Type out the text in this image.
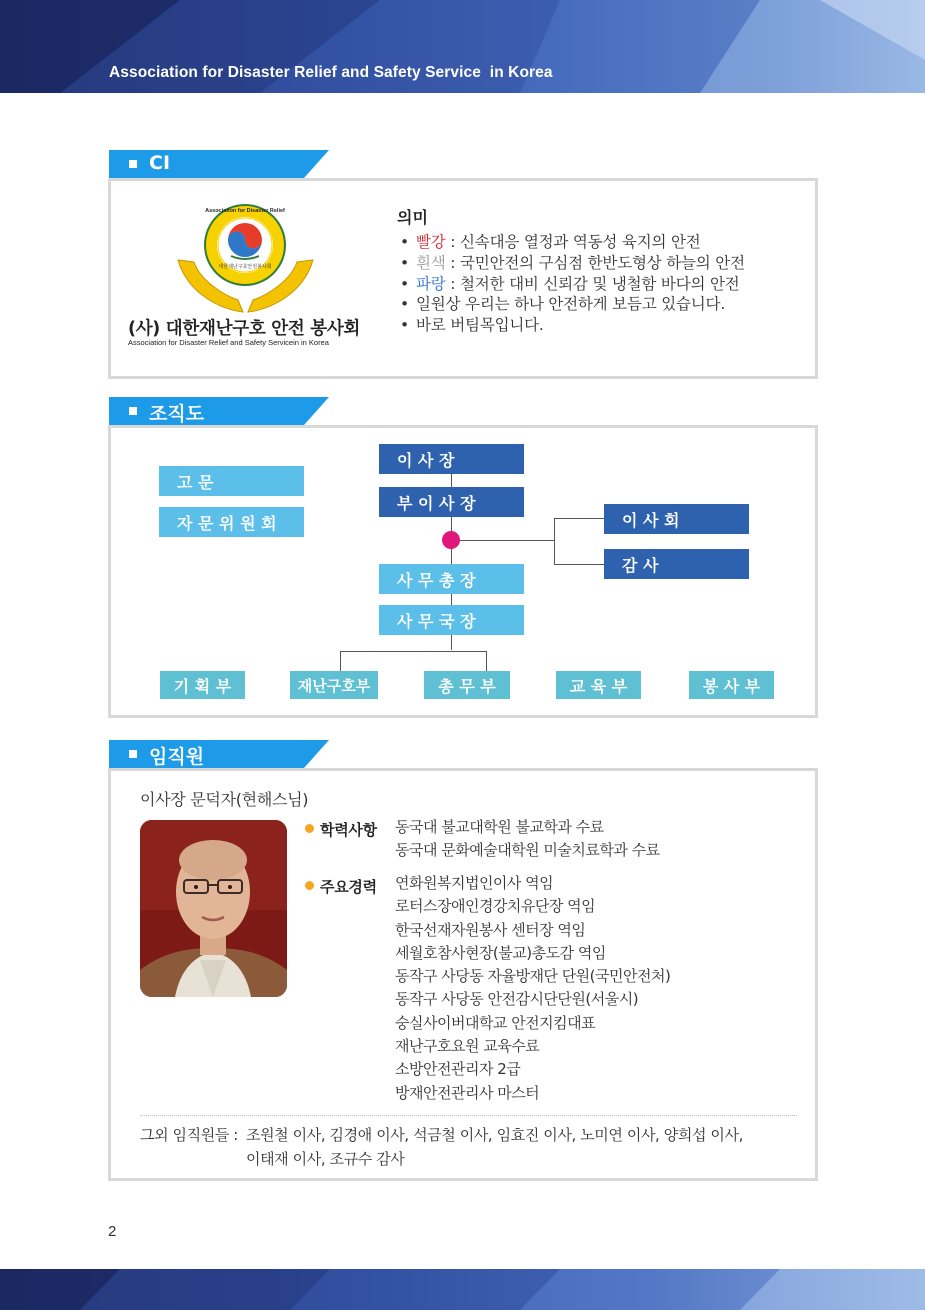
Association for Disaster Relief and Safety Service  in Korea
CI
대한재난구호안전봉사회
Association for Disaster Relief
(사) 대한재난구호 안전 봉사회
Association for Disaster Relief and Safety Servicein in Korea
의미
• 빨강 : 신속대응 열정과 역동성 육지의 안전
• 흰색 : 국민안전의 구심점 한반도형상 하늘의 안전
• 파랑 : 철저한 대비 신뢰감 및 냉철함 바다의 안전
• 일원상 우리는 하나 안전하게 보듬고 있습니다.
• 바로 버팀목입니다.
조직도
이 사 장
부 이 사 장
고 문
자 문 위 원 회	이 사 회
감 사
사 무 총 장
사 무 국 장
기 획 부	재난구호부	총 무 부	교 육 부	봉 사 부
임직원
이사장 문덕자(현해스님)
학력사항 동국대 불교대학원 불교학과 수료
동국대 문화예술대학원 미술치료학과 수료
주요경력 연화원복지법인이사 역임
로터스장애인경강치유단장 역임
한국선재자원봉사 센터장 역임
세월호참사현장(불교)총도감 역임
동작구 사당동 자율방재단 단원(국민안전처)
동작구 사당동 안전감시단단원(서울시)
숭실사이버대학교 안전지킴대표
재난구호요원 교육수료
소방안전관리자 2급
방재안전관리사 마스터
그외 임직원들 : 조원철 이사, 김경애 이사, 석금철 이사, 임효진 이사, 노미연 이사, 양희섭 이사,
이태재 이사, 조규수 감사
2
